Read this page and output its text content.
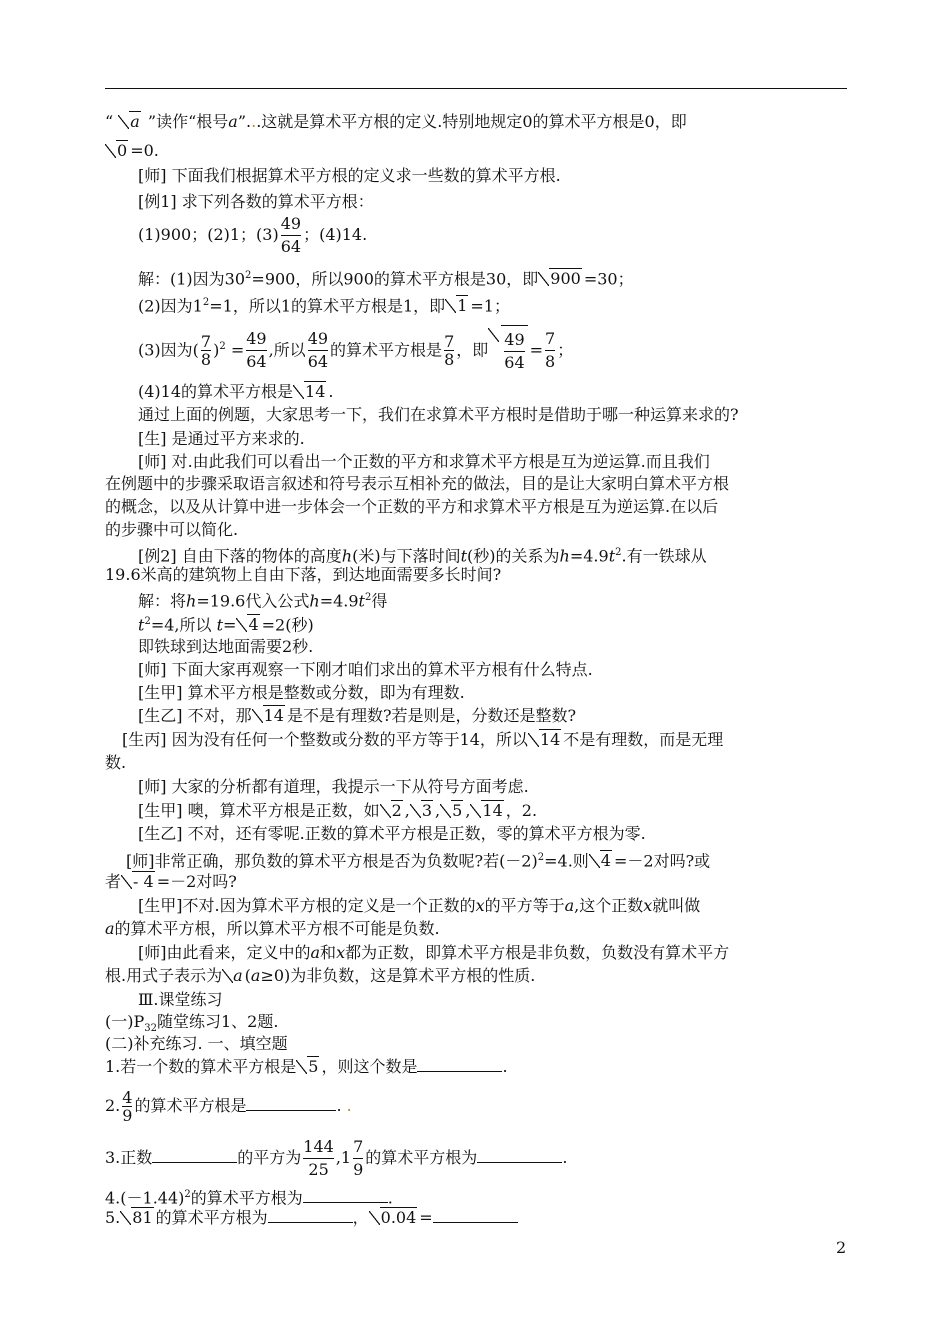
“ a ”读作“根号a”...这就是算术平方根的定义.特别地规定0的算术平方根是0，即
0 =0.
[师] 下面我们根据算术平方根的定义求一些数的算术平方根.
[例1] 求下列各数的算术平方根：
(1)900；(2)1；$(3) \frac{49}{64}$ ；(4)14.
解：(1)因为$30^2=900$，所以900的算术平方根是30，即 900 =30；
(2)因为$1^2=1$，所以1的算术平方根是1，即 1 =1；
(3)因为( $\frac{7}{8} )^2 = \frac{49}{64}$ ,所以 $\frac{49}{64}$ 的算术平方根是 $\frac{7}{8}$ ，即 $\frac{49}{64} = \frac{7}{8}$ ；
(4)14的算术平方根是 14 .
通过上面的例题，大家思考一下，我们在求算术平方根时是借助于哪一种运算来求的?
[生] 是通过平方来求的.
[师] 对.由此我们可以看出一个正数的平方和求算术平方根是互为逆运算.而且我们
在例题中的步骤采取语言叙述和符号表示互相补充的做法，目的是让大家明白算术平方根
的概念，以及从计算中进一步体会一个正数的平方和求算术平方根是互为逆运算.在以后
的步骤中可以简化.
[例2] 自由下落的物体的高度h(米)与下落时间t(秒)的关系为$h=4.9t^2$.有一铁球从
19.6米高的建筑物上自由下落，到达地面需要多长时间?
解：将h=19.6代入公式$h=4.9t^2$得
$t^2=4$,所以 t= 4 =2(秒)
即铁球到达地面需要2秒.
[师] 下面大家再观察一下刚才咱们求出的算术平方根有什么特点.
[生甲] 算术平方根是整数或分数，即为有理数.
[生乙] 不对，那 14 是不是有理数?若是则是，分数还是整数?
[生丙] 因为没有任何一个整数或分数的平方等于14，所以 14 不是有理数，而是无理
数.
[师] 大家的分析都有道理，我提示一下从符号方面考虑.
[生甲] 噢，算术平方根是正数，如 2 , 3 , 5 , 14 ，2.
[生乙] 不对，还有零呢.正数的算术平方根是正数，零的算术平方根为零.
[师]非常正确，那负数的算术平方根是否为负数呢?若$(-2)^2=4$.则 4 =－2对吗?或
者 - 4 =－2对吗?
[生甲]不对.因为算术平方根的定义是一个正数的x的平方等于a,这个正数x就叫做
a的算术平方根，所以算术平方根不可能是负数.
[师]由此看来，定义中的a和x都为正数，即算术平方根是非负数，负数没有算术平方
根.用式子表示为 a (a≥0)为非负数，这是算术平方根的性质.
Ⅲ.课堂练习
(一)$P_{32}$随堂练习1、2题.
(二)补充练习. 一、填空题
1.若一个数的算术平方根是 5 ，则这个数是	.
2. $\frac{4}{9}$ 的算术平方根是	. .
3.正数	的平方为 $\frac{144}{25} ,1 \frac{7}{9}$ 的算术平方根为	.
$4.(-1.44)^2$的算术平方根为	.
5. 81 的算术平方根为	， 0.04 =
2
